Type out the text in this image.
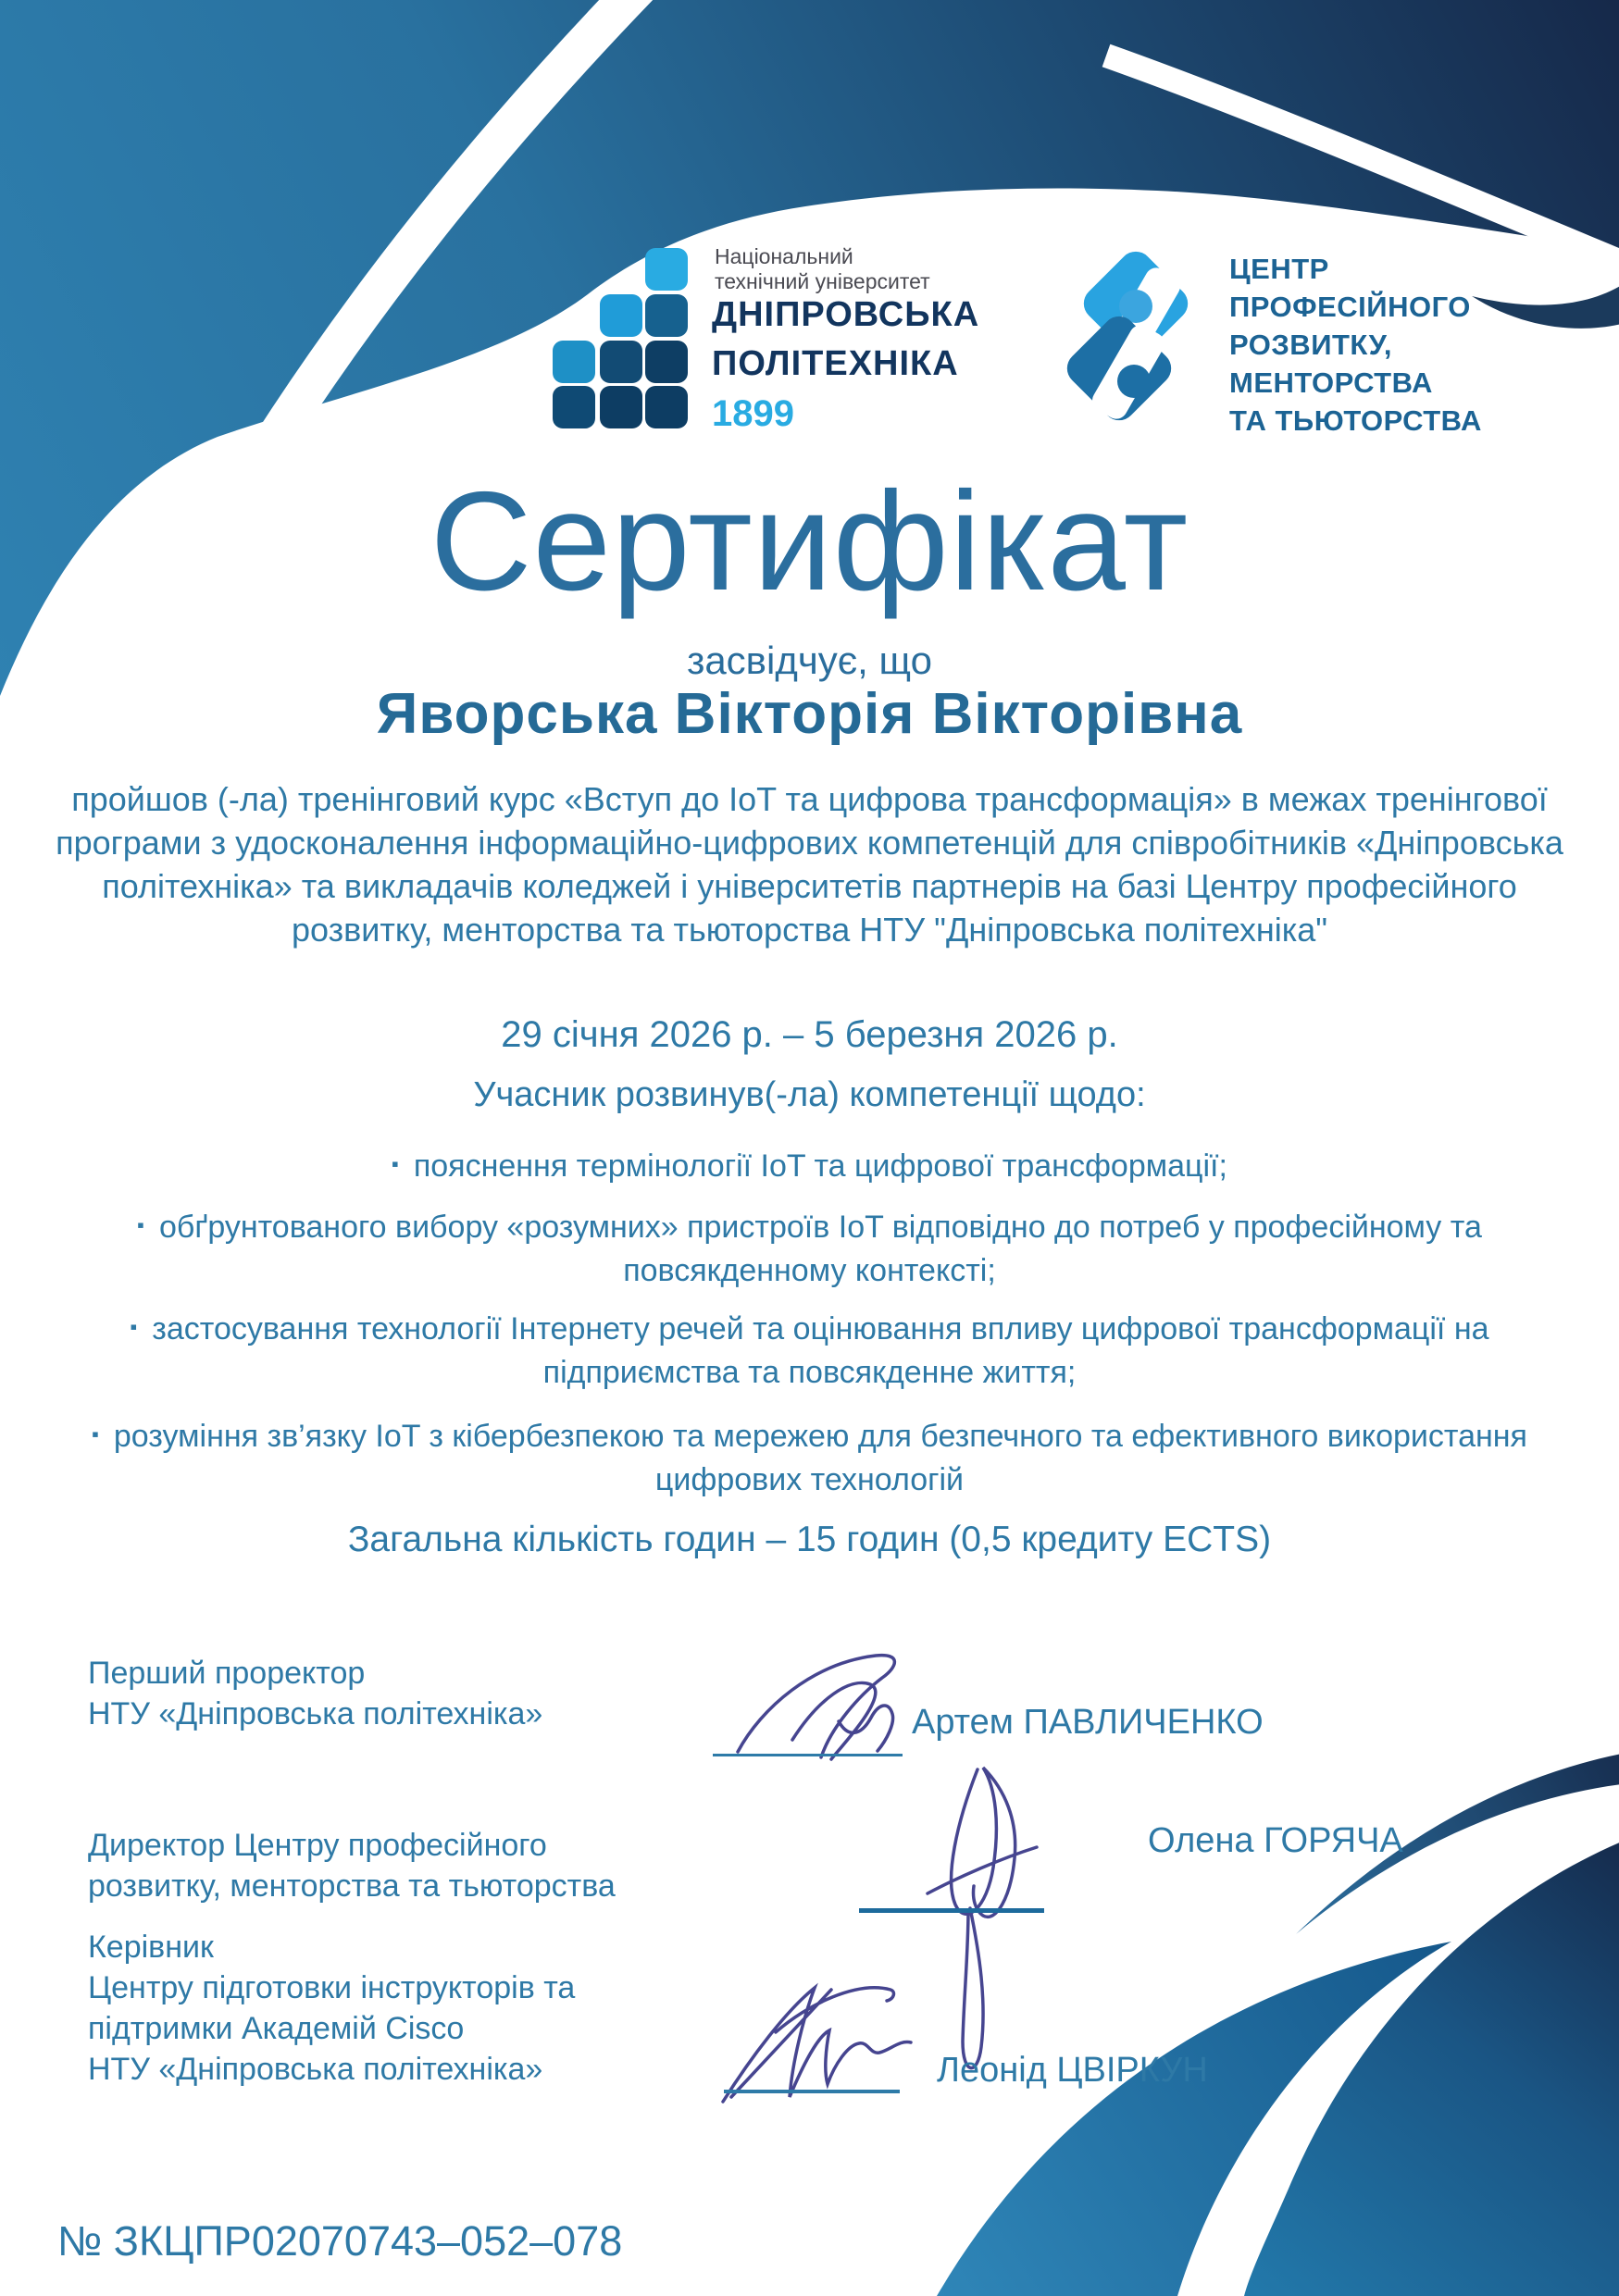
Національний
технічний університет
ДНІПРОВСЬКА
ПОЛІТЕХНІКА
1899
ЦЕНТР
ПРОФЕСІЙНОГО
РОЗВИТКУ,
МЕНТОРСТВА
ТА ТЬЮТОРСТВА
Сертифікат
засвідчує, що
Яворська Вікторія Вікторівна
пройшов (-ла) тренінговий курс «Вступ до IoT та цифрова трансформація» в межах тренінгової програми з удосконалення інформаційно-цифрових компетенцій для співробітників «Дніпровська політехніка» та викладачів коледжей і університетів партнерів на базі Центру професійного розвитку, менторства та тьюторства НТУ "Дніпровська політехніка"
29 січня 2026 р. – 5 березня 2026 р.
Учасник розвинув(-ла) компетенції щодо:
▪ пояснення термінології IoT та цифрової трансформації;
▪ обґрунтованого вибору «розумних» пристроїв IoT відповідно до потреб у професійному та повсякденному контексті;
▪ застосування технології Інтернету речей та оцінювання впливу цифрової трансформації на підприємства та повсякденне життя;
▪ розуміння зв’язку IoT з кібербезпекою та мережею для безпечного та ефективного використання цифрових технологій
Загальна кількість годин – 15 годин (0,5 кредиту ECTS)
Перший проректор
НТУ «Дніпровська політехніка»	Артем ПАВЛИЧЕНКО
Директор Центру професійного
розвитку, менторства та тьюторства
Олена ГОРЯЧА
Керівник
Центру підготовки інструкторів та
підтримки Академій Cisco
НТУ «Дніпровська політехніка»	Леонід ЦВІРКУН
№ ЗКЦПР02070743–052–078
